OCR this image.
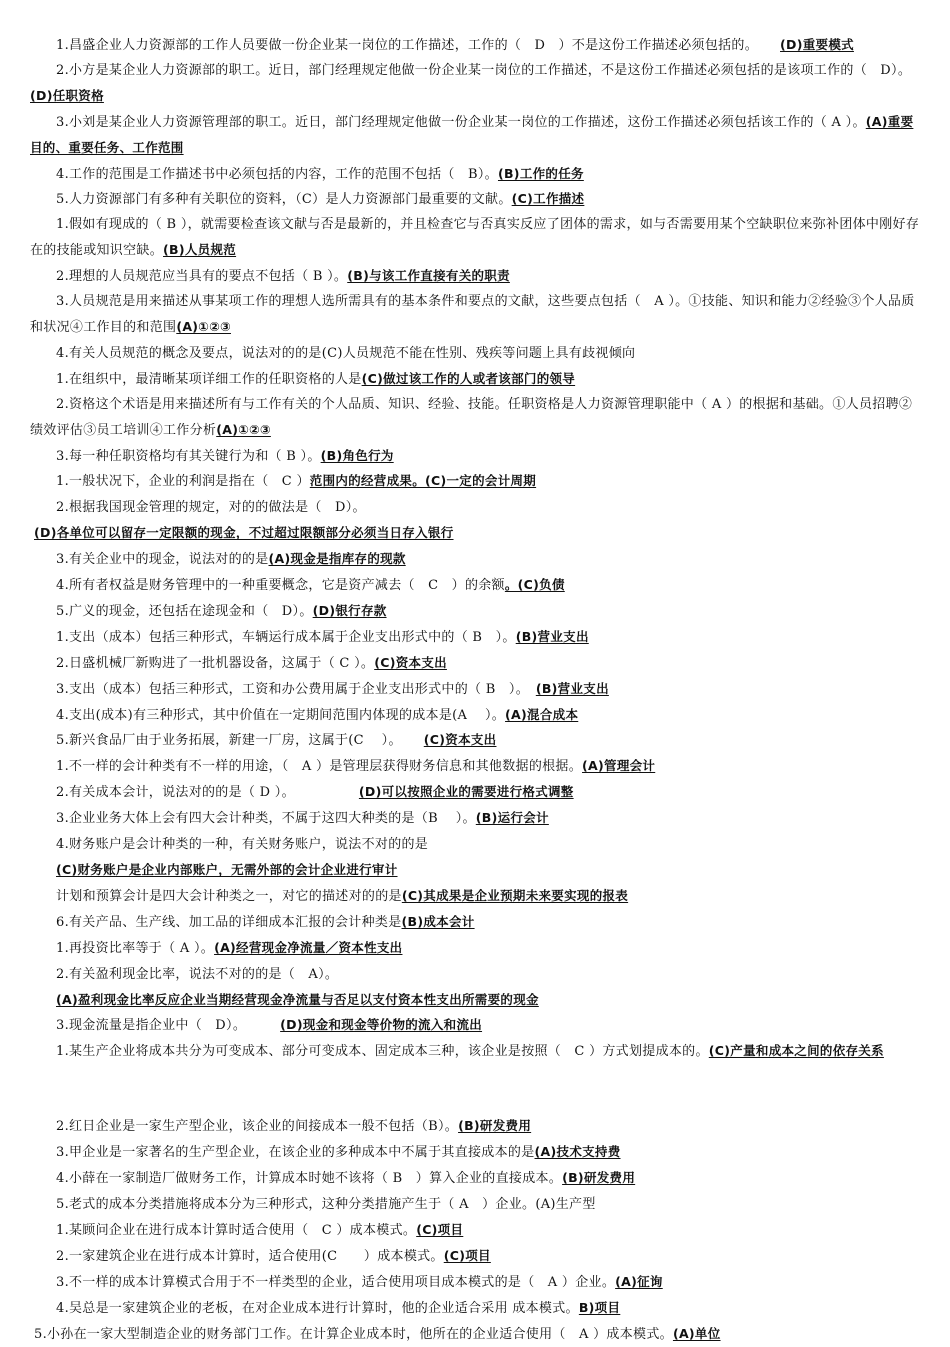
1.昌盛企业人力资源部的工作人员要做一份企业某一岗位的工作描述，工作的（　D　）不是这份工作描述必须包括的。 (D)重要模式

2.小方是某企业人力资源部的职工。近日，部门经理规定他做一份企业某一岗位的工作描述，不是这份工作描述必须包括的是该项工作的（　D）。　(D)任职资格

3.小刘是某企业人力资源管理部的职工。近日，部门经理规定他做一份企业某一岗位的工作描述，这份工作描述必须包括该工作的（ A ）。(A)重要目的、重要任务、工作范围

4.工作的范围是工作描述书中必须包括的内容，工作的范围不包括（　B）。(B)工作的任务

5.人力资源部门有多种有关职位的资料，（C）是人力资源部门最重要的文献。(C)工作描述

1.假如有现成的（ B ），就需要检查该文献与否是最新的，并且检查它与否真实反应了团体的需求，如与否需要用某个空缺职位来弥补团体中刚好存在的技能或知识空缺。(B)人员规范

2.理想的人员规范应当具有的要点不包括（ B ）。(B)与该工作直接有关的职责

3.人员规范是用来描述从事某项工作的理想人选所需具有的基本条件和要点的文献，这些要点包括（　A ）。①技能、知识和能力②经验③个人品质和状况④工作目的和范围(A)①②③

4.有关人员规范的概念及要点，说法对的的是(C)人员规范不能在性别、残疾等问题上具有歧视倾向

1.在组织中，最清晰某项详细工作的任职资格的人是(C)做过该工作的人或者该部门的领导

2.资格这个术语是用来描述所有与工作有关的个人品质、知识、经验、技能。任职资格是人力资源管理职能中（ A ）的根据和基础。①人员招聘②绩效评估③员工培训④工作分析(A)①②③

3.每一种任职资格均有其关键行为和（ B ）。(B)角色行为

1.一般状况下，企业的利润是指在（　C ）范围内的经营成果。(C)一定的会计周期

2.根据我国现金管理的规定，对的的做法是（　D）。

(D)各单位可以留存一定限额的现金，不过超过限额部分必须当日存入银行

3.有关企业中的现金，说法对的的是(A)现金是指库存的现款

4.所有者权益是财务管理中的一种重要概念，它是资产减去（　C　）的余额。(C)负债

5.广义的现金，还包括在途现金和（　D）。(D)银行存款

1.支出（成本）包括三种形式，车辆运行成本属于企业支出形式中的（ B　）。(B)营业支出

2.日盛机械厂新购进了一批机器设备，这属于（ C ）。(C)资本支出

3.支出（成本）包括三种形式，工资和办公费用属于企业支出形式中的（ B　）。　 (B)营业支出

4.支出(成本)有三种形式，其中价值在一定期间范围内体现的成本是(A　 ）。(A)混合成本

5.新兴食品厂由于业务拓展，新建一厂房，这属于(C　 ）。 (C)资本支出

1.不一样的会计种类有不一样的用途，（　A ）是管理层获得财务信息和其他数据的根据。(A)管理会计

2.有关成本会计，说法对的的是（ D ）。	(D)可以按照企业的需要进行格式调整

3.企业业务大体上会有四大会计种类，不属于这四大种类的是（B　 ）。(B)运行会计

4.财务账户是会计种类的一种，有关财务账户，说法不对的的是

(C)财务账户是企业内部账户，无需外部的会计企业进行审计

计划和预算会计是四大会计种类之一，对它的描述对的的是(C)其成果是企业预期未来要实现的报表

6.有关产品、生产线、加工品的详细成本汇报的会计种类是(B)成本会计

1.再投资比率等于（ A ）。(A)经营现金净流量／资本性支出

2.有关盈利现金比率，说法不对的的是（　A）。

(A)盈利现金比率反应企业当期经营现金净流量与否足以支付资本性支出所需要的现金

3.现金流量是指企业中（　D）。	(D)现金和现金等价物的流入和流出

1.某生产企业将成本共分为可变成本、部分可变成本、固定成本三种，该企业是按照（　C ）方式划提成本的。(C)产量和成本之间的依存关系

2.红日企业是一家生产型企业，该企业的间接成本一般不包括（B）。(B)研发费用

3.甲企业是一家著名的生产型企业，在该企业的多种成本中不属于其直接成本的是(A)技术支持费

4.小薛在一家制造厂做财务工作，计算成本时她不该将（ B　）算入企业的直接成本。(B)研发费用

5.老式的成本分类措施将成本分为三种形式，这种分类措施产生于（ A　）企业。(A)生产型

1.某顾问企业在进行成本计算时适合使用（　C ）成本模式。(C)项目

2.一家建筑企业在进行成本计算时，适合使用(C　　）成本模式。(C)项目

3.不一样的成本计算模式合用于不一样类型的企业，适合使用项目成本模式的是（　A ）企业。(A)征询

4.吴总是一家建筑企业的老板，在对企业成本进行计算时，他的企业适合采用 成本模式。B)项目

5.小孙在一家大型制造企业的财务部门工作。在计算企业成本时，他所在的企业适合使用（　A ）成本模式。(A)单位
